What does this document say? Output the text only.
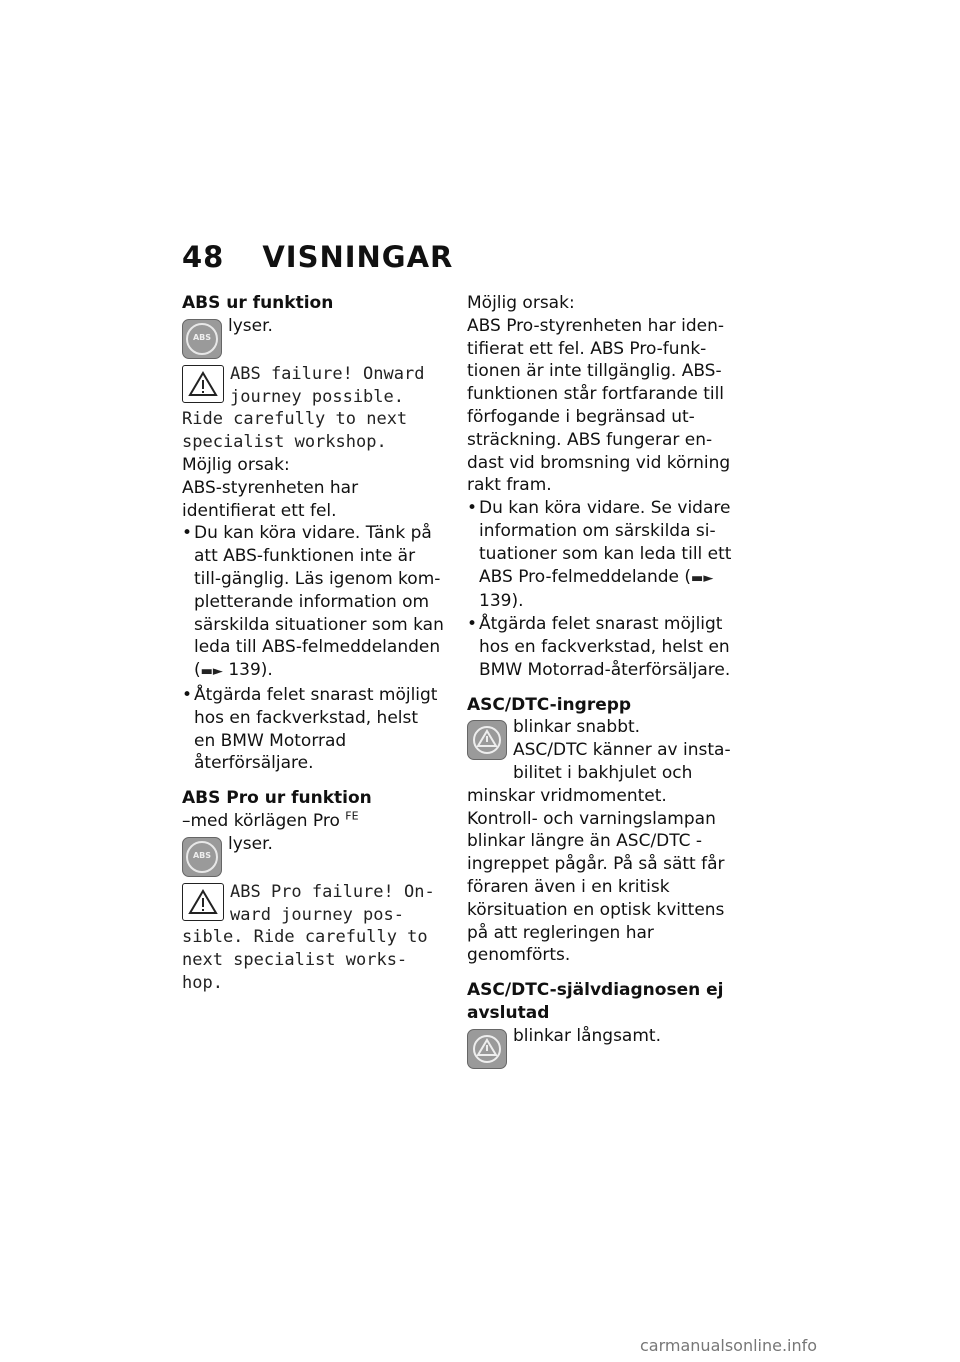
48 VISNINGAR
ABS ur funktion
ABS

lyser.

ABS failure! Onward journey possible. Ride carefully to next specialist workshop.

Möjlig orsak:

ABS-styrenheten har identifierat ett fel.

• Du kan köra vidare. Tänk på att ABS-funktionen inte är till-gänglig. Läs igenom kom-pletterande information om särskilda situationer som kan leda till ABS-felmeddelanden (▬► 139).
• Åtgärda felet snarast möjligt hos en fackverkstad, helst en BMW Motorrad återförsäljare.
ABS Pro ur funktion

–med körlägen Pro $^{FE}$

ABS

lyser.

ABS Pro failure! On-ward journey pos-sible. Ride carefully to next specialist works-hop.

Möjlig orsak:

ABS Pro-styrenheten har iden-tifierat ett fel. ABS Pro-funk-tionen är inte tillgänglig. ABS-funktionen står fortfarande till förfogande i begränsad ut-sträckning. ABS fungerar en-dast vid bromsning vid körning rakt fram.

• Du kan köra vidare. Se vidare information om särskilda si-tuationer som kan leda till ett ABS Pro-felmeddelande (▬► 139).
• Åtgärda felet snarast möjligt hos en fackverkstad, helst en BMW Motorrad-återförsäljare.
ASC/DTC-ingrepp

blinkar snabbt.

ASC/DTC känner av insta-bilitet i bakhjulet och minskar vridmomentet. Kontroll- och varningslampan blinkar längre än ASC/DTC -ingreppet pågår. På så sätt får föraren även i en kritisk körsituation en optisk kvittens på att regleringen har genomförts.

ASC/DTC-självdiagnosen ej avslutad

blinkar långsamt.

carmanualsonline.info
